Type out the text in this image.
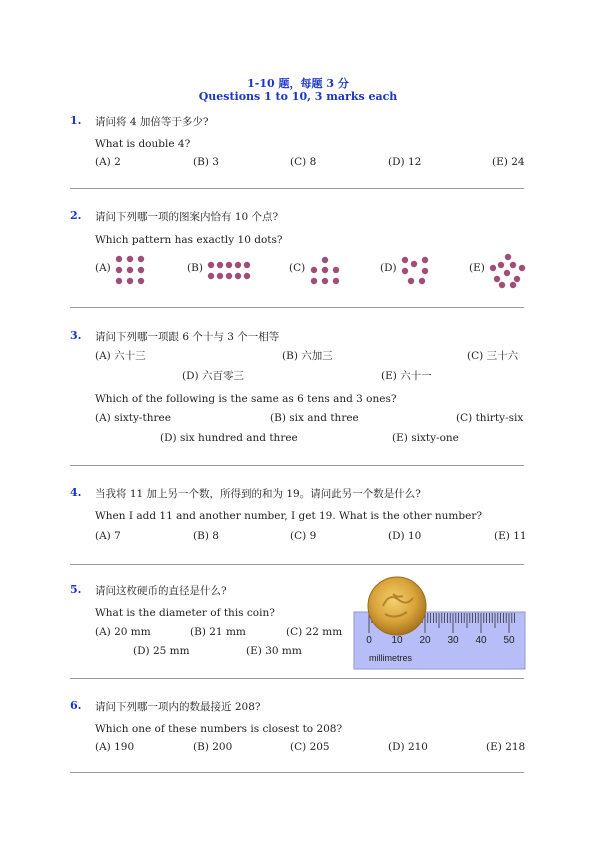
1-10 题，每题 3 分
Questions 1 to 10, 3 marks each
1. 请问将 4 加倍等于多少?
What is double 4?
(A) 2	(B) 3	(C) 8	(D) 12	(E) 24
2. 请问下列哪一项的图案内恰有 10 个点?
Which pattern has exactly 10 dots?
(A)	(B)	(C)	(D)	(E)
3. 请问下列哪一项跟 6 个十与 3 个一相等
(A) 六十三	(B) 六加三	(C) 三十六
(D) 六百零三	(E) 六十一
Which of the following is the same as 6 tens and 3 ones?
(A) sixty-three	(B) six and three	(C) thirty-six
(D) six hundred and three	(E) sixty-one
4. 当我将 11 加上另一个数，所得到的和为 19。请问此另一个数是什么?
When I add 11 and another number, I get 19. What is the other number?
(A) 7	(B) 8	(C) 9	(D) 10	(E) 11
5. 请问这枚硬币的直径是什么?
What is the diameter of this coin?
(A) 20 mm	(B) 21 mm	(C) 22 mm
(D) 25 mm	(E) 30 mm
0 10 20 30 40 50
millimetres
6. 请问下列哪一项内的数最接近 208?
Which one of these numbers is closest to 208?
(A) 190	(B) 200	(C) 205	(D) 210	(E) 218
